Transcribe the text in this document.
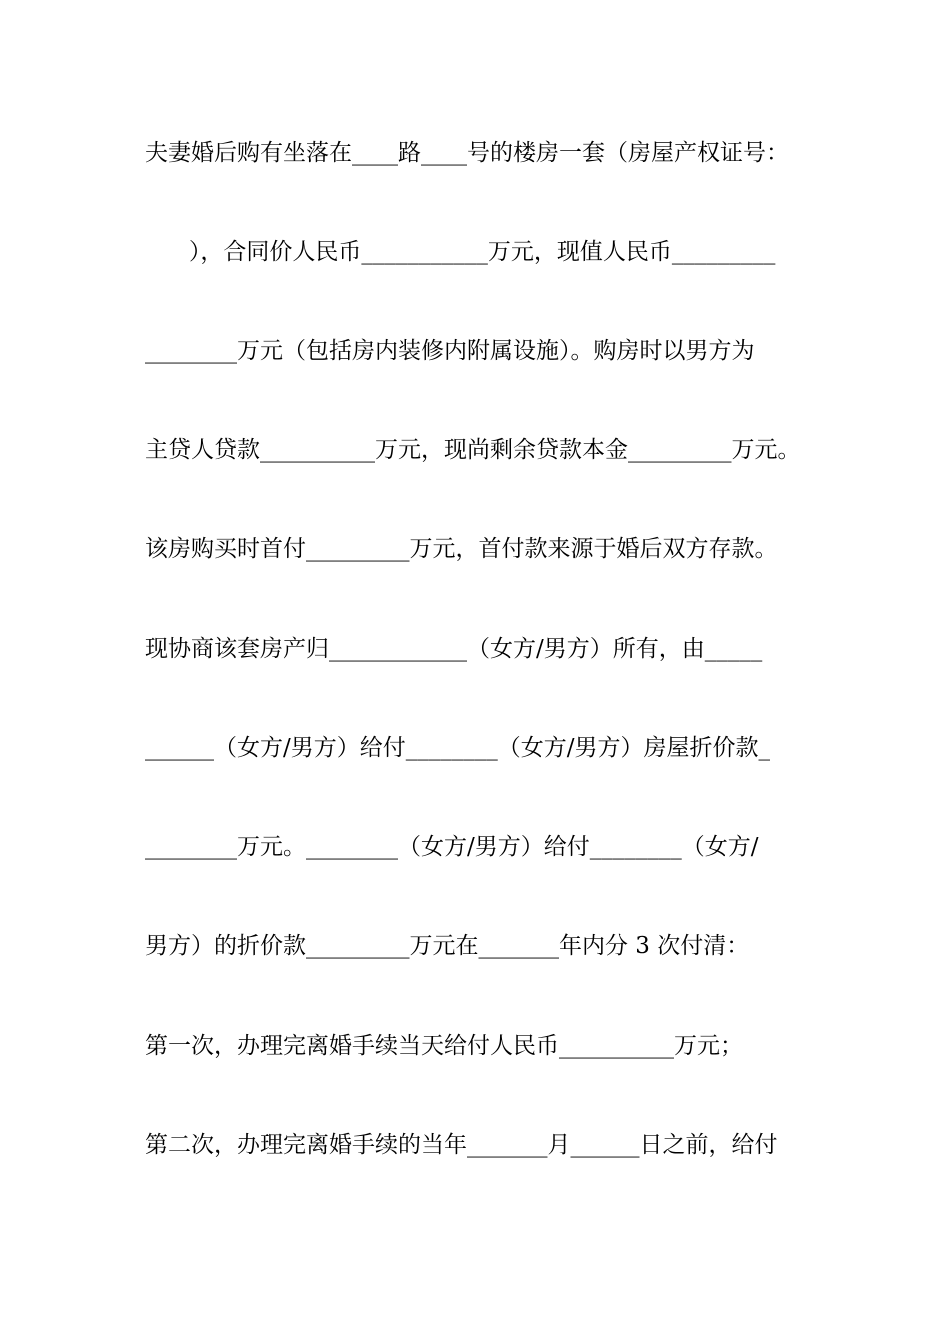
夫妻婚后购有坐落在____路____号的楼房一套（房屋产权证号：
），合同价人民币___________万元，现值人民币_________
________万元（包括房内装修内附属设施）。购房时以男方为
主贷人贷款__________万元，现尚剩余贷款本金_________万元。
该房购买时首付_________万元，首付款来源于婚后双方存款。
现协商该套房产归____________（女方/男方）所有，由_____
______（女方/男方）给付________（女方/男方）房屋折价款_
________万元。________（女方/男方）给付________（女方/
男方）的折价款_________万元在_______年内分 3 次付清：
第一次，办理完离婚手续当天给付人民币__________万元；
第二次，办理完离婚手续的当年_______月______日之前，给付
